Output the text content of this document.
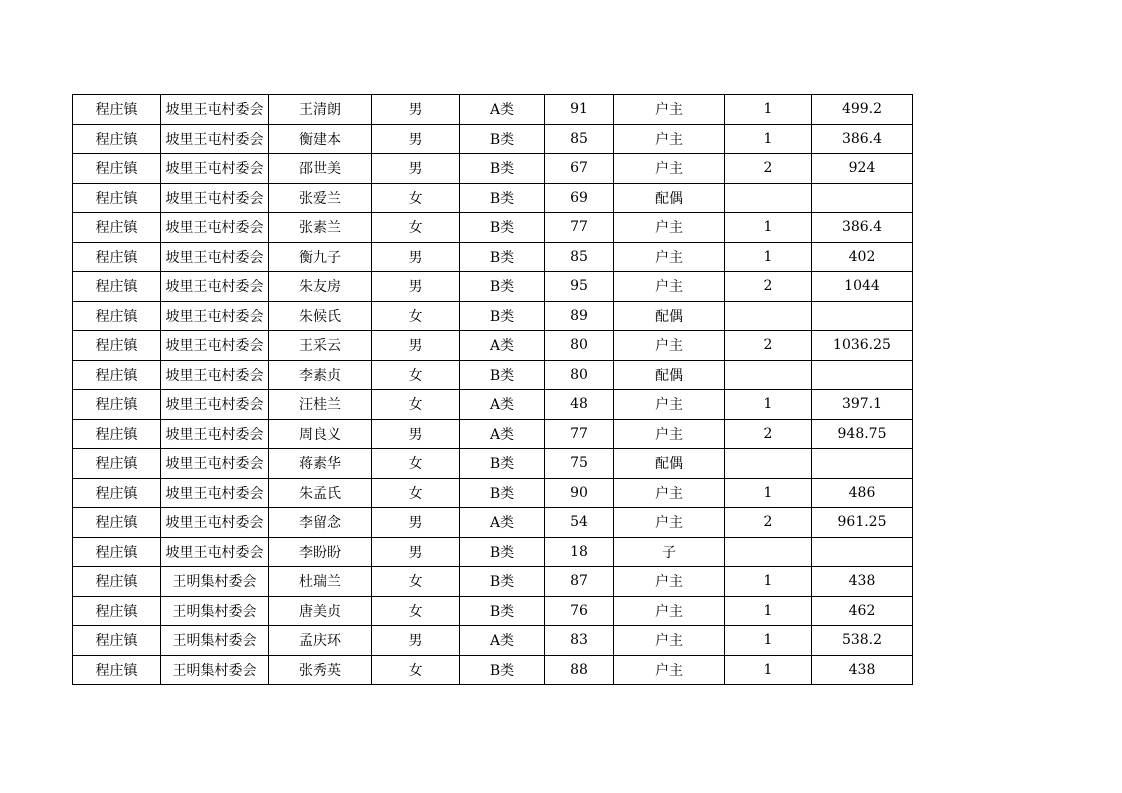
程庄镇	坡里王屯村委会	王清朗	男	A类	91	户主	1	499.2
程庄镇	坡里王屯村委会	衡建本	男	B类	85	户主	1	386.4
程庄镇	坡里王屯村委会	邵世美	男	B类	67	户主	2	924
程庄镇	坡里王屯村委会	张爱兰	女	B类	69	配偶		
程庄镇	坡里王屯村委会	张素兰	女	B类	77	户主	1	386.4
程庄镇	坡里王屯村委会	衡九子	男	B类	85	户主	1	402
程庄镇	坡里王屯村委会	朱友房	男	B类	95	户主	2	1044
程庄镇	坡里王屯村委会	朱候氏	女	B类	89	配偶		
程庄镇	坡里王屯村委会	王采云	男	A类	80	户主	2	1036.25
程庄镇	坡里王屯村委会	李素贞	女	B类	80	配偶		
程庄镇	坡里王屯村委会	汪桂兰	女	A类	48	户主	1	397.1
程庄镇	坡里王屯村委会	周良义	男	A类	77	户主	2	948.75
程庄镇	坡里王屯村委会	蒋素华	女	B类	75	配偶		
程庄镇	坡里王屯村委会	朱孟氏	女	B类	90	户主	1	486
程庄镇	坡里王屯村委会	李留念	男	A类	54	户主	2	961.25
程庄镇	坡里王屯村委会	李盼盼	男	B类	18	子		
程庄镇	王明集村委会	杜瑞兰	女	B类	87	户主	1	438
程庄镇	王明集村委会	唐美贞	女	B类	76	户主	1	462
程庄镇	王明集村委会	孟庆环	男	A类	83	户主	1	538.2
程庄镇	王明集村委会	张秀英	女	B类	88	户主	1	438
